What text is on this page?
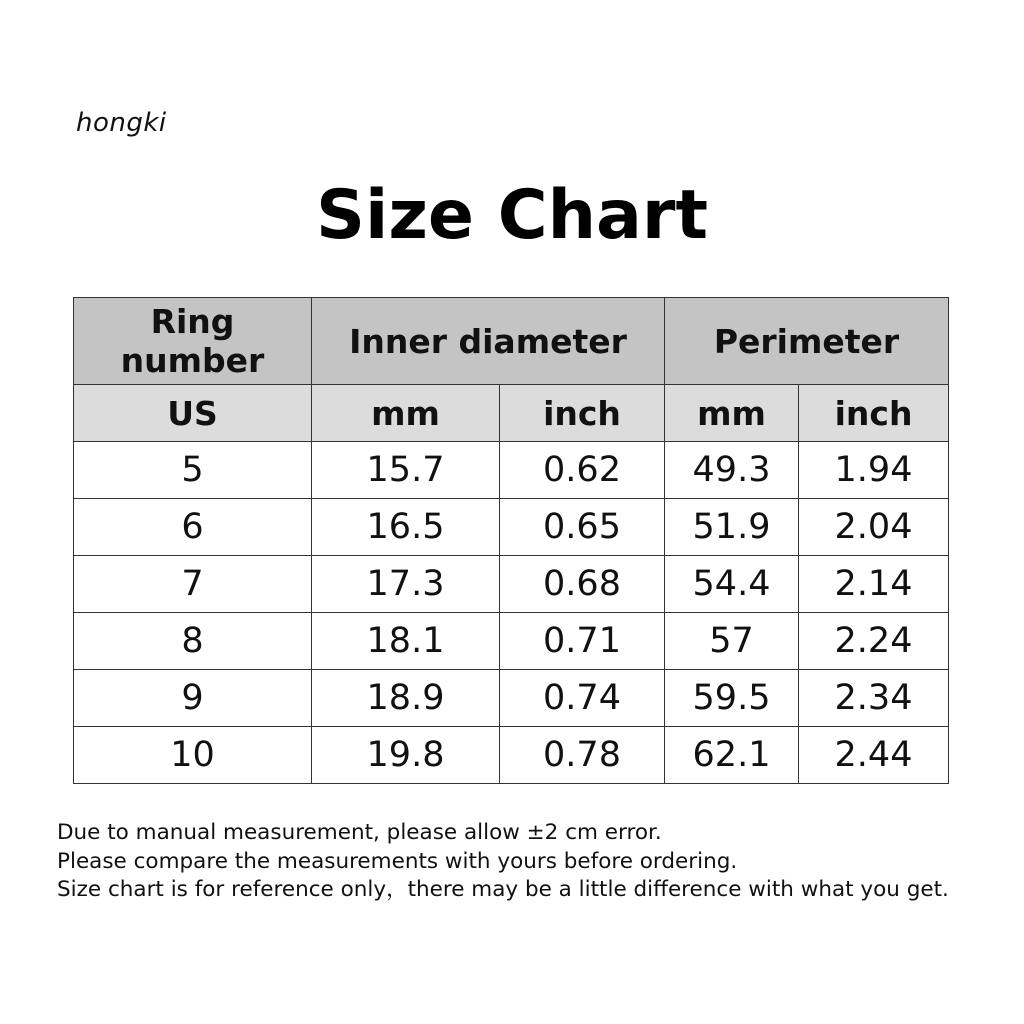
hongki
Size Chart
Ring number	Inner diameter		Perimeter	
US	mm	inch	mm	inch
5	15.7	0.62	49.3	1.94
6	16.5	0.65	51.9	2.04
7	17.3	0.68	54.4	2.14
8	18.1	0.71	57	2.24
9	18.9	0.74	59.5	2.34
10	19.8	0.78	62.1	2.44
Due to manual measurement, please allow ±2 cm error.
Please compare the measurements with yours before ordering.
Size chart is for reference only，there may be a little difference with what you get.
